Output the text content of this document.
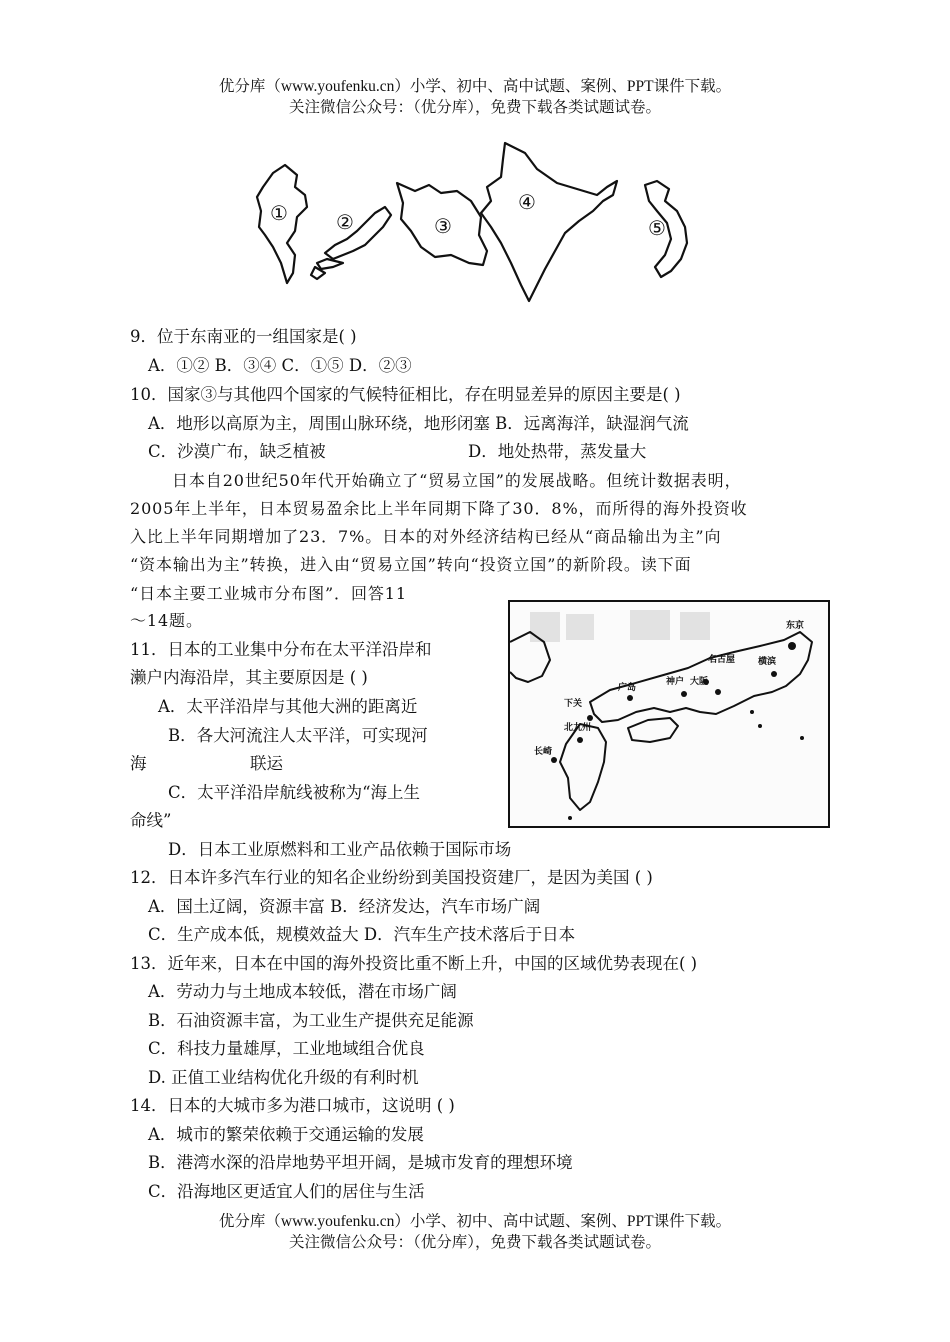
优分库（www.youfenku.cn）小学、初中、高中试题、案例、PPT课件下载。
关注微信公众号：（优分库），免费下载各类试题试卷。
① ②	③
④
⑤
9．位于东南亚的一组国家是( )
A．①② B．③④ C．①⑤ D．②③
10．国家③与其他四个国家的气候特征相比，存在明显差异的原因主要是( )
A．地形以高原为主，周围山脉环绕，地形闭塞 B．远离海洋，缺湿润气流
C．沙漠广布，缺乏植被	D．地处热带，蒸发量大
日本自20世纪50年代开始确立了“贸易立国”的发展战略。但统计数据表明，
2005年上半年，日本贸易盈余比上半年同期下降了30．8%，而所得的海外投资收
入比上半年同期增加了23．7%。日本的对外经济结构已经从“商品输出为主”向
“资本输出为主”转换，进入由“贸易立国”转向“投资立国”的新阶段。读下面
“日本主要工业城市分布图”．回答11
～14题。	东京
名古屋	横滨
神户 大阪
广岛
下关
北九州
长崎
11．日本的工业集中分布在太平洋沿岸和
濑户内海沿岸，其主要原因是 ( )
A．太平洋沿岸与其他大洲的距离近
B．各大河流注人太平洋，可实现河
海	联运
C．太平洋沿岸航线被称为“海上生
命线”
D．日本工业原燃料和工业产品依赖于国际市场
12．日本许多汽车行业的知名企业纷纷到美国投资建厂，是因为美国 ( )
A．国土辽阔，资源丰富 B．经济发达，汽车市场广阔
C．生产成本低，规模效益大 D．汽车生产技术落后于日本
13．近年来，日本在中国的海外投资比重不断上升，中国的区域优势表现在( )
A．劳动力与土地成本较低，潜在市场广阔
B．石油资源丰富，为工业生产提供充足能源
C．科技力量雄厚，工业地域组合优良
D. 正值工业结构优化升级的有利时机
14．日本的大城市多为港口城市，这说明 ( )
A．城市的繁荣依赖于交通运输的发展
B．港湾水深的沿岸地势平坦开阔，是城市发育的理想环境
C．沿海地区更适宜人们的居住与生活
优分库（www.youfenku.cn）小学、初中、高中试题、案例、PPT课件下载。
关注微信公众号：（优分库），免费下载各类试题试卷。
